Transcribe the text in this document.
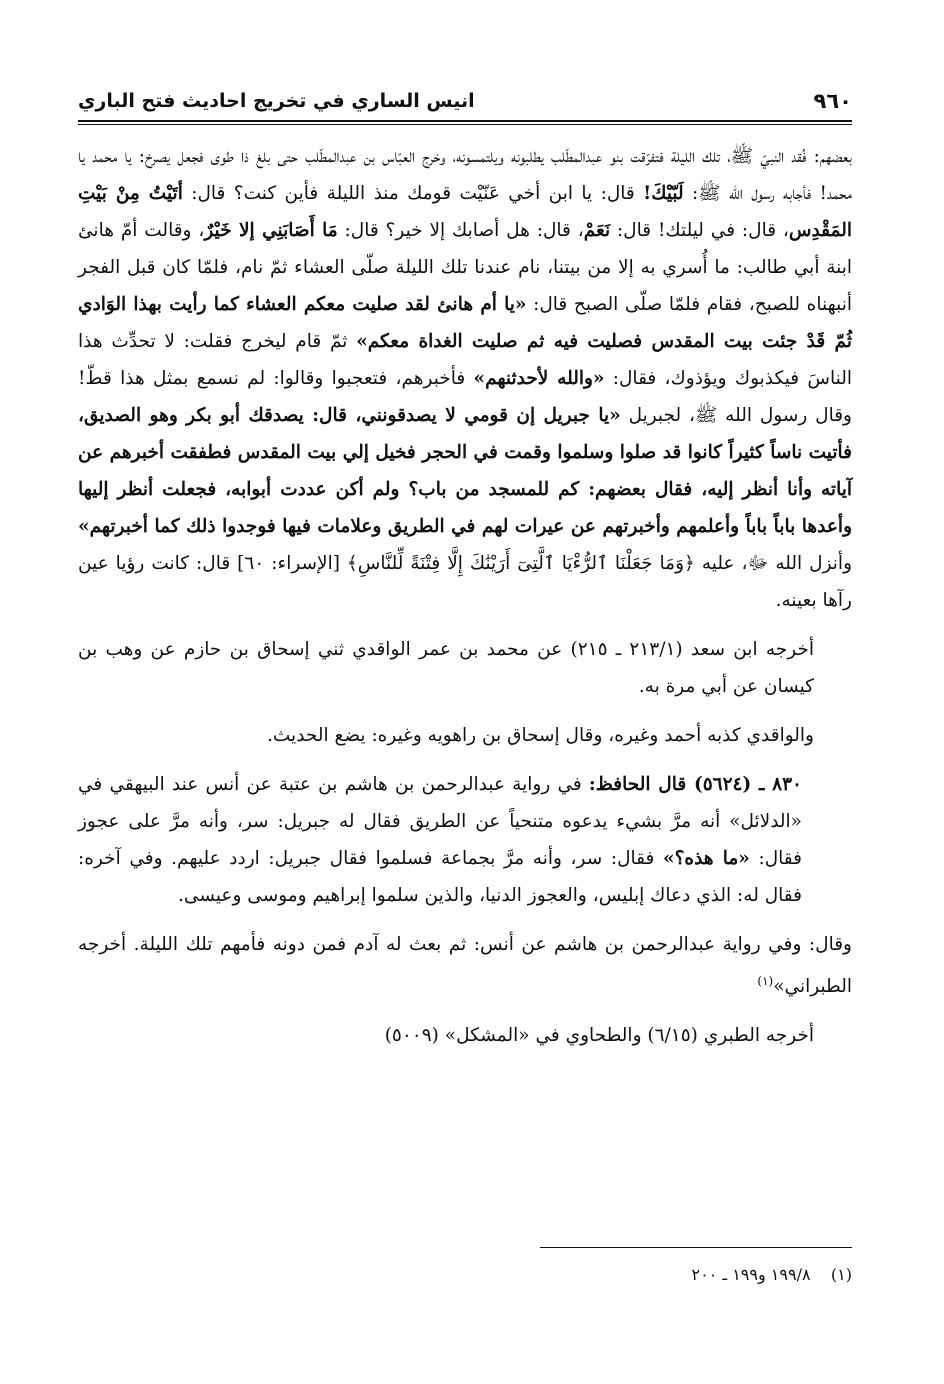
٩٦٠
انيس الساري في تخريج احاديث فتح الباري

بعضهم: فُقد النبيّ ﷺ، تلك الليلة فتفرّقت بنو عبدالمطّلب يطلبونه ويلتمسونه، وخرج العبّاس بن عبدالمطّلب حتى بلغ ذا طوى فجعل يصرخ: يا محمد يا محمد! فأجابه رسول الله ﷺ: لَبّيْكَ! قال: يا ابن أخي عَنّيْت قومك منذ الليلة فأين كنت؟ قال: أتَيْتُ مِنْ بَيْتِ المَقْدِس، قال: في ليلتك! قال: نَعَمْ، قال: هل أصابك إلا خير؟ قال: مَا أَصَابَنِي إلا خَيْرٌ، وقالت أمّ هانئ ابنة أبي طالب: ما أُسري به إلا من بيتنا، نام عندنا تلك الليلة صلّى العشاء ثمّ نام، فلمّا كان قبل الفجر أنبهناه للصبح، فقام فلمّا صلّى الصبح قال: «يا أم هانئ لقد صليت معكم العشاء كما رأيت بهذا الوَادي ثُمّ قَدْ جئت بيت المقدس فصليت فيه ثم صليت الغداة معكم» ثمّ قام ليخرج فقلت: لا تحدِّث هذا الناسَ فيكذبوك ويؤذوك، فقال: «والله لأحدثنهم» فأخبرهم، فتعجبوا وقالوا: لم نسمع بمثل هذا قطّ! وقال رسول الله ﷺ، لجبريل «يا جبريل إن قومي لا يصدقونني، قال: يصدقك أبو بكر وهو الصديق، فأتيت ناساً كثيراً كانوا قد صلوا وسلموا وقمت في الحجر فخيل إلي بيت المقدس فطفقت أخبرهم عن آياته وأنا أنظر إليه، فقال بعضهم: كم للمسجد من باب؟ ولم أكن عددت أبوابه، فجعلت أنظر إليها وأعدها باباً باباً وأعلمهم وأخبرتهم عن عيرات لهم في الطريق وعلامات فيها فوجدوا ذلك كما أخبرتهم» وأنزل الله ﷻ، عليه ﴿وَمَا جَعَلْنَا ٱلرُّءْيَا ٱلَّتِىٓ أَرَيْنَٰكَ إِلَّا فِتْنَةً لِّلنَّاسِ﴾ [الإسراء: ٦٠] قال: كانت رؤيا عين رآها بعينه.

أخرجه ابن سعد (٢١٣/١ ـ ٢١٥) عن محمد بن عمر الواقدي ثني إسحاق بن حازم عن وهب بن كيسان عن أبي مرة به.

والواقدي كذبه أحمد وغيره، وقال إسحاق بن راهويه وغيره: يضع الحديث.

٨٣٠ ـ (٥٦٢٤) قال الحافظ: في رواية عبدالرحمن بن هاشم بن عتبة عن أنس عند البيهقي في «الدلائل» أنه مرَّ بشيء يدعوه متنحياً عن الطريق فقال له جبريل: سر، وأنه مرَّ على عجوز فقال: «ما هذه؟» فقال: سر، وأنه مرَّ بجماعة فسلموا فقال جبريل: اردد عليهم. وفي آخره: فقال له: الذي دعاك إبليس، والعجوز الدنيا، والذين سلموا إبراهيم وموسى وعيسى.

وقال: وفي رواية عبدالرحمن بن هاشم عن أنس: ثم بعث له آدم فمن دونه فأمهم تلك الليلة. أخرجه الطبراني»$^{(١)}$

أخرجه الطبري (٦/١٥) والطحاوي في «المشكل» (٥٠٠٩)

(١)    ١٩٩/٨ و١٩٩ ـ ٢٠٠
